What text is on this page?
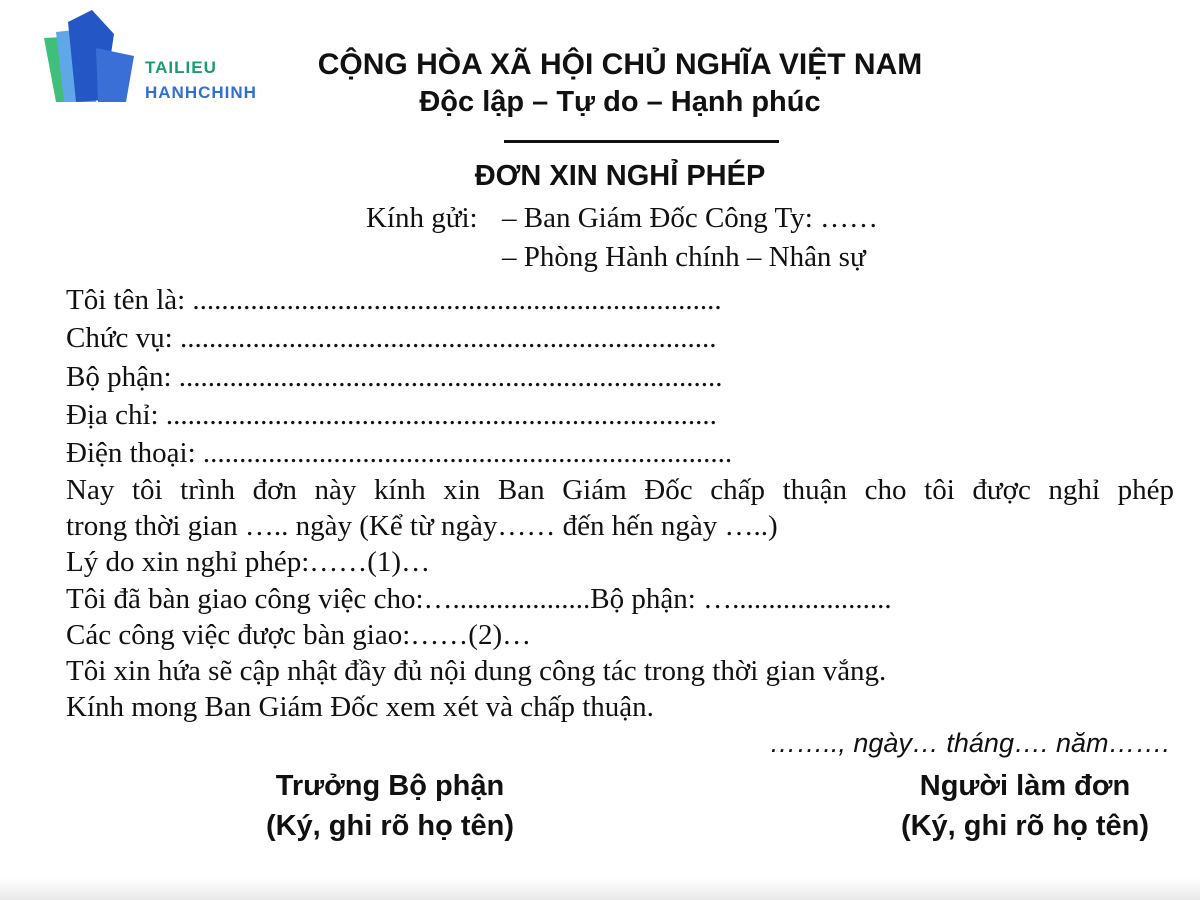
TAILIEU
HANHCHINH
CỘNG HÒA XÃ HỘI CHỦ NGHĨA VIỆT NAM
Độc lập – Tự do – Hạnh phúc
ĐƠN XIN NGHỈ PHÉP
Kính gửi: – Ban Giám Đốc Công Ty: ……
– Phòng Hành chính – Nhân sự
Tôi tên là: .........................................................................
Chức vụ: ..........................................................................
Bộ phận: ...........................................................................
Địa chỉ: ............................................................................
Điện thoại: .........................................................................
Nay tôi trình đơn này kính xin Ban Giám Đốc chấp thuận cho tôi được nghỉ phép
trong thời gian ….. ngày (Kể từ ngày…… đến hến ngày …..)
Lý do xin nghỉ phép:……(1)…
Tôi đã bàn giao công việc cho:…...................Bộ phận: …......................
Các công việc được bàn giao:……(2)…
Tôi xin hứa sẽ cập nhật đầy đủ nội dung công tác trong thời gian vắng.
Kính mong Ban Giám Đốc xem xét và chấp thuận.
…….., ngày… tháng…. năm…….
Trưởng Bộ phận
(Ký, ghi rõ họ tên)
Người làm đơn
(Ký, ghi rõ họ tên)
